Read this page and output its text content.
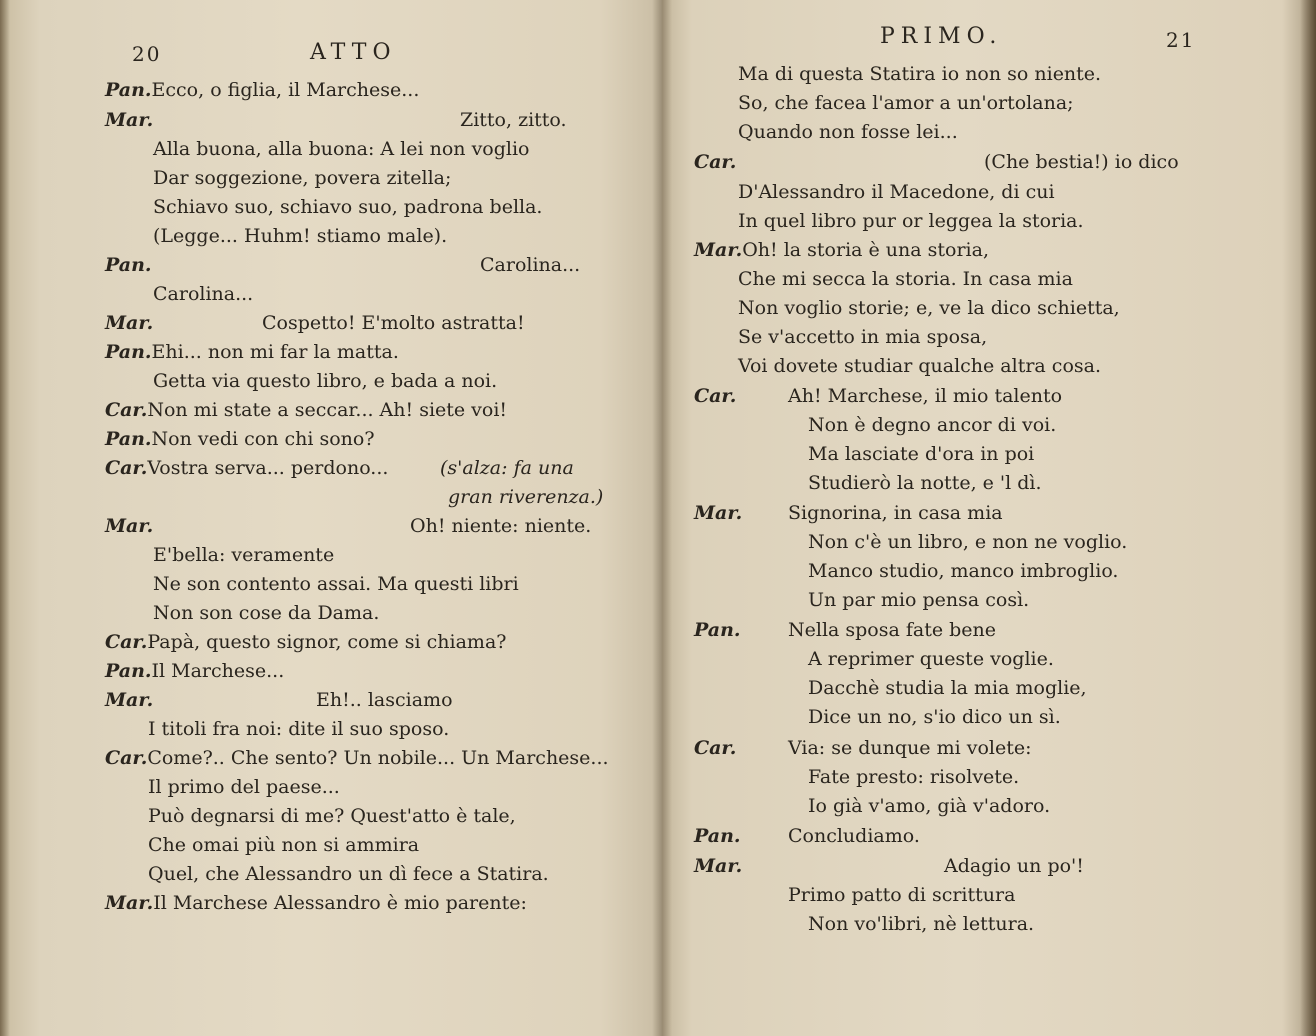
20	ATTO
Pan.Ecco, o figlia, il Marchese...
Mar.	Zitto, zitto.
Alla buona, alla buona: A lei non voglio
Dar soggezione, povera zitella;
Schiavo suo, schiavo suo, padrona bella.
(Legge... Huhm! stiamo male).
Pan.	Carolina...
Carolina...
Mar.	Cospetto! E'molto astratta!
Pan.Ehi... non mi far la matta.
Getta via questo libro, e bada a noi.
Car.Non mi state a seccar... Ah! siete voi!
Pan.Non vedi con chi sono?
Car.Vostra serva... perdono...	(s'alza: fa una
gran riverenza.)
Mar.	Oh! niente: niente.
E'bella: veramente
Ne son contento assai. Ma questi libri
Non son cose da Dama.
Car.Papà, questo signor, come si chiama?
Pan.Il Marchese...
Mar.	Eh!.. lasciamo
I titoli fra noi: dite il suo sposo.
Car.Come?.. Che sento? Un nobile... Un Marchese...
Il primo del paese...
Può degnarsi di me? Quest'atto è tale,
Che omai più non si ammira
Quel, che Alessandro un dì fece a Statira.
Mar.Il Marchese Alessandro è mio parente:
PRIMO.	21
Ma di questa Statira io non so niente.
So, che facea l'amor a un'ortolana;
Quando non fosse lei...
Car.	(Che bestia!) io dico
D'Alessandro il Macedone, di cui
In quel libro pur or leggea la storia.
Mar.Oh! la storia è una storia,
Che mi secca la storia. In casa mia
Non voglio storie; e, ve la dico schietta,
Se v'accetto in mia sposa,
Voi dovete studiar qualche altra cosa.
Car.	Ah! Marchese, il mio talento
Non è degno ancor di voi.
Ma lasciate d'ora in poi
Studierò la notte, e 'l dì.
Mar. Signorina, in casa mia
Non c'è un libro, e non ne voglio.
Manco studio, manco imbroglio.
Un par mio pensa così.
Pan. Nella sposa fate bene
A reprimer queste voglie.
Dacchè studia la mia moglie,
Dice un no, s'io dico un sì.
Car.	Via: se dunque mi volete:
Fate presto: risolvete.
Io già v'amo, già v'adoro.
Pan. Concludiamo.
Mar.	Adagio un po'!
Primo patto di scrittura
Non vo'libri, nè lettura.
